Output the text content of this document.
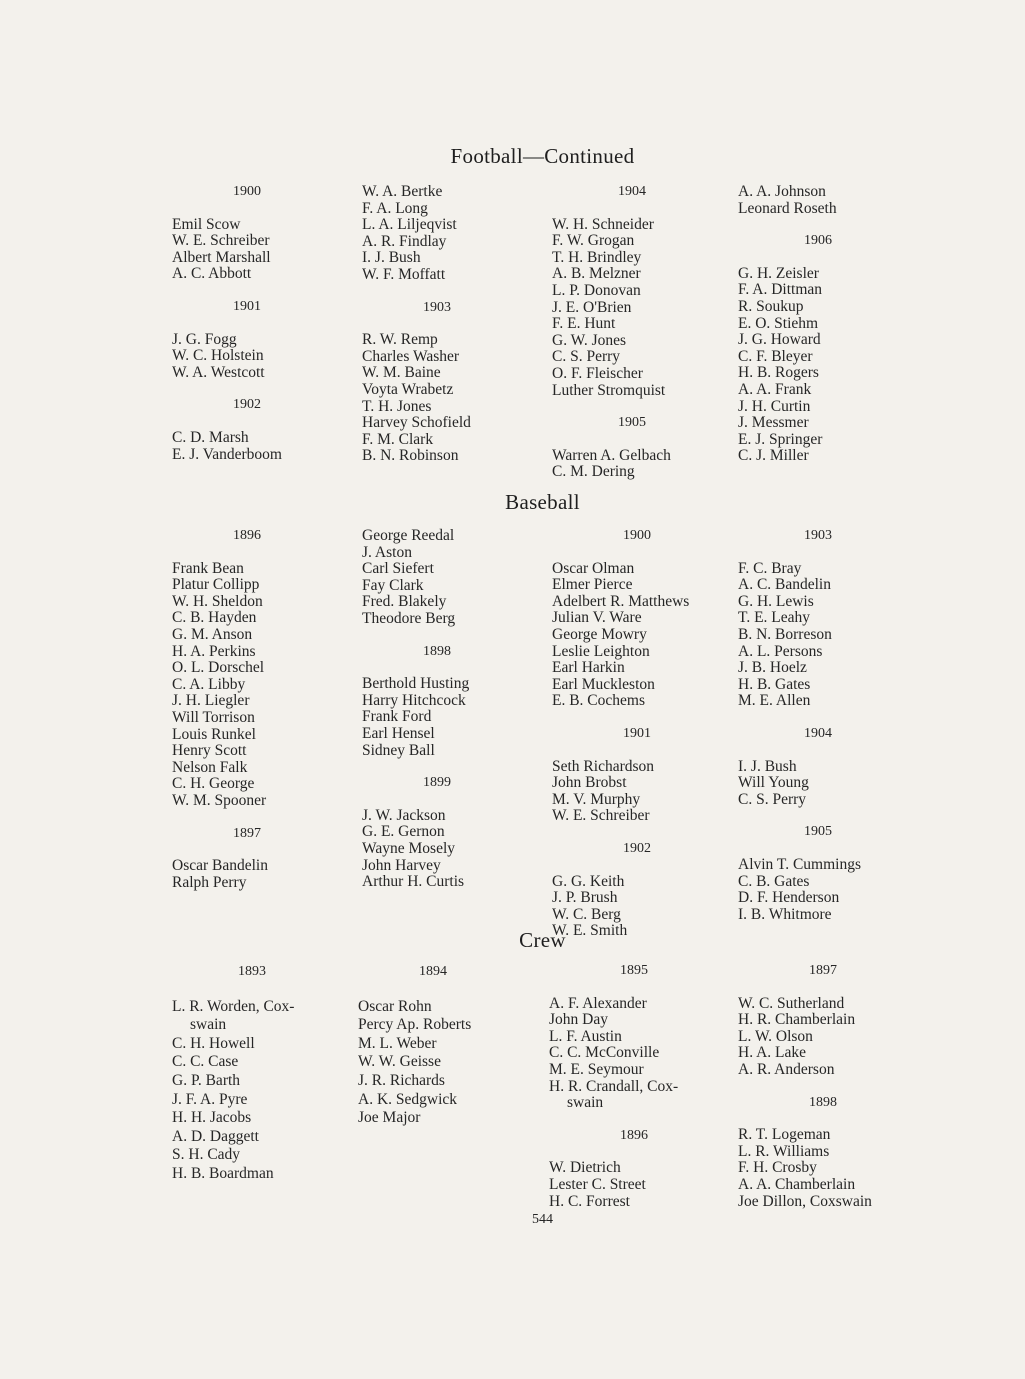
Football—Continued
1900
Emil Scow
W. E. Schreiber
Albert Marshall
A. C. Abbott
1901
J. G. Fogg
W. C. Holstein
W. A. Westcott
1902
C. D. Marsh
E. J. Vanderboom
W. A. Bertke
F. A. Long
L. A. Liljeqvist
A. R. Findlay
I. J. Bush
W. F. Moffatt
1903
R. W. Remp
Charles Washer
W. M. Baine
Voyta Wrabetz
T. H. Jones
Harvey Schofield
F. M. Clark
B. N. Robinson
1904
W. H. Schneider
F. W. Grogan
T. H. Brindley
A. B. Melzner
L. P. Donovan
J. E. O'Brien
F. E. Hunt
G. W. Jones
C. S. Perry
O. F. Fleischer
Luther Stromquist
1905
Warren A. Gelbach
C. M. Dering
A. A. Johnson
Leonard Roseth
1906
G. H. Zeisler
F. A. Dittman
R. Soukup
E. O. Stiehm
J. G. Howard
C. F. Bleyer
H. B. Rogers
A. A. Frank
J. H. Curtin
J. Messmer
E. J. Springer
C. J. Miller
Baseball
1896
Frank Bean
Platur Collipp
W. H. Sheldon
C. B. Hayden
G. M. Anson
H. A. Perkins
O. L. Dorschel
C. A. Libby
J. H. Liegler
Will Torrison
Louis Runkel
Henry Scott
Nelson Falk
C. H. George
W. M. Spooner
1897
Oscar Bandelin
Ralph Perry
George Reedal
J. Aston
Carl Siefert
Fay Clark
Fred. Blakely
Theodore Berg
1898
Berthold Husting
Harry Hitchcock
Frank Ford
Earl Hensel
Sidney Ball
1899
J. W. Jackson
G. E. Gernon
Wayne Mosely
John Harvey
Arthur H. Curtis
1900
Oscar Olman
Elmer Pierce
Adelbert R. Matthews
Julian V. Ware
George Mowry
Leslie Leighton
Earl Harkin
Earl Muckleston
E. B. Cochems
1901
Seth Richardson
John Brobst
M. V. Murphy
W. E. Schreiber
1902
G. G. Keith
J. P. Brush
W. C. Berg
W. E. Smith
1903
F. C. Bray
A. C. Bandelin
G. H. Lewis
T. E. Leahy
B. N. Borreson
A. L. Persons
J. B. Hoelz
H. B. Gates
M. E. Allen
1904
I. J. Bush
Will Young
C. S. Perry
1905
Alvin T. Cummings
C. B. Gates
D. F. Henderson
I. B. Whitmore
Crew
1893
L. R. Worden, Cox-
swain
C. H. Howell
C. C. Case
G. P. Barth
J. F. A. Pyre
H. H. Jacobs
A. D. Daggett
S. H. Cady
H. B. Boardman
1894
Oscar Rohn
Percy Ap. Roberts
M. L. Weber
W. W. Geisse
J. R. Richards
A. K. Sedgwick
Joe Major
1895
A. F. Alexander
John Day
L. F. Austin
C. C. McConville
M. E. Seymour
H. R. Crandall, Cox-
swain
1896
W. Dietrich
Lester C. Street
H. C. Forrest
1897
W. C. Sutherland
H. R. Chamberlain
L. W. Olson
H. A. Lake
A. R. Anderson
1898
R. T. Logeman
L. R. Williams
F. H. Crosby
A. A. Chamberlain
Joe Dillon, Coxswain
544
